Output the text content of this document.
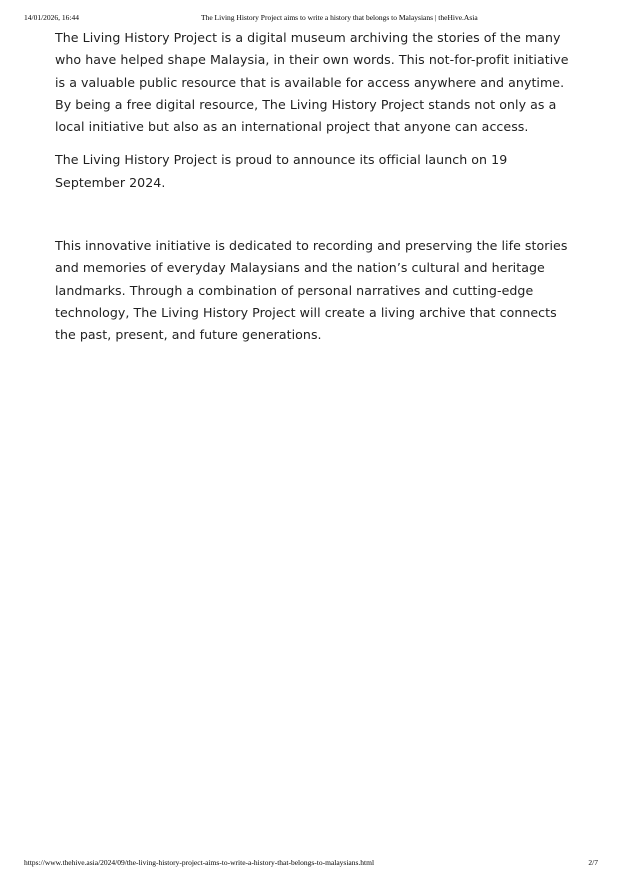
14/01/2026, 16:44	The Living History Project aims to write a history that belongs to Malaysians | theHive.Asia

The Living History Project is a digital museum archiving the stories of the many who have helped shape Malaysia, in their own words. This not-for-profit initiative is a valuable public resource that is available for access anywhere and anytime. By being a free digital resource, The Living History Project stands not only as a local initiative but also as an international project that anyone can access.

The Living History Project is proud to announce its official launch on 19 September 2024.

This innovative initiative is dedicated to recording and preserving the life stories and memories of everyday Malaysians and the nation’s cultural and heritage landmarks. Through a combination of personal narratives and cutting-edge technology, The Living History Project will create a living archive that connects the past, present, and future generations.

https://www.thehive.asia/2024/09/the-living-history-project-aims-to-write-a-history-that-belongs-to-malaysians.html	2/7
